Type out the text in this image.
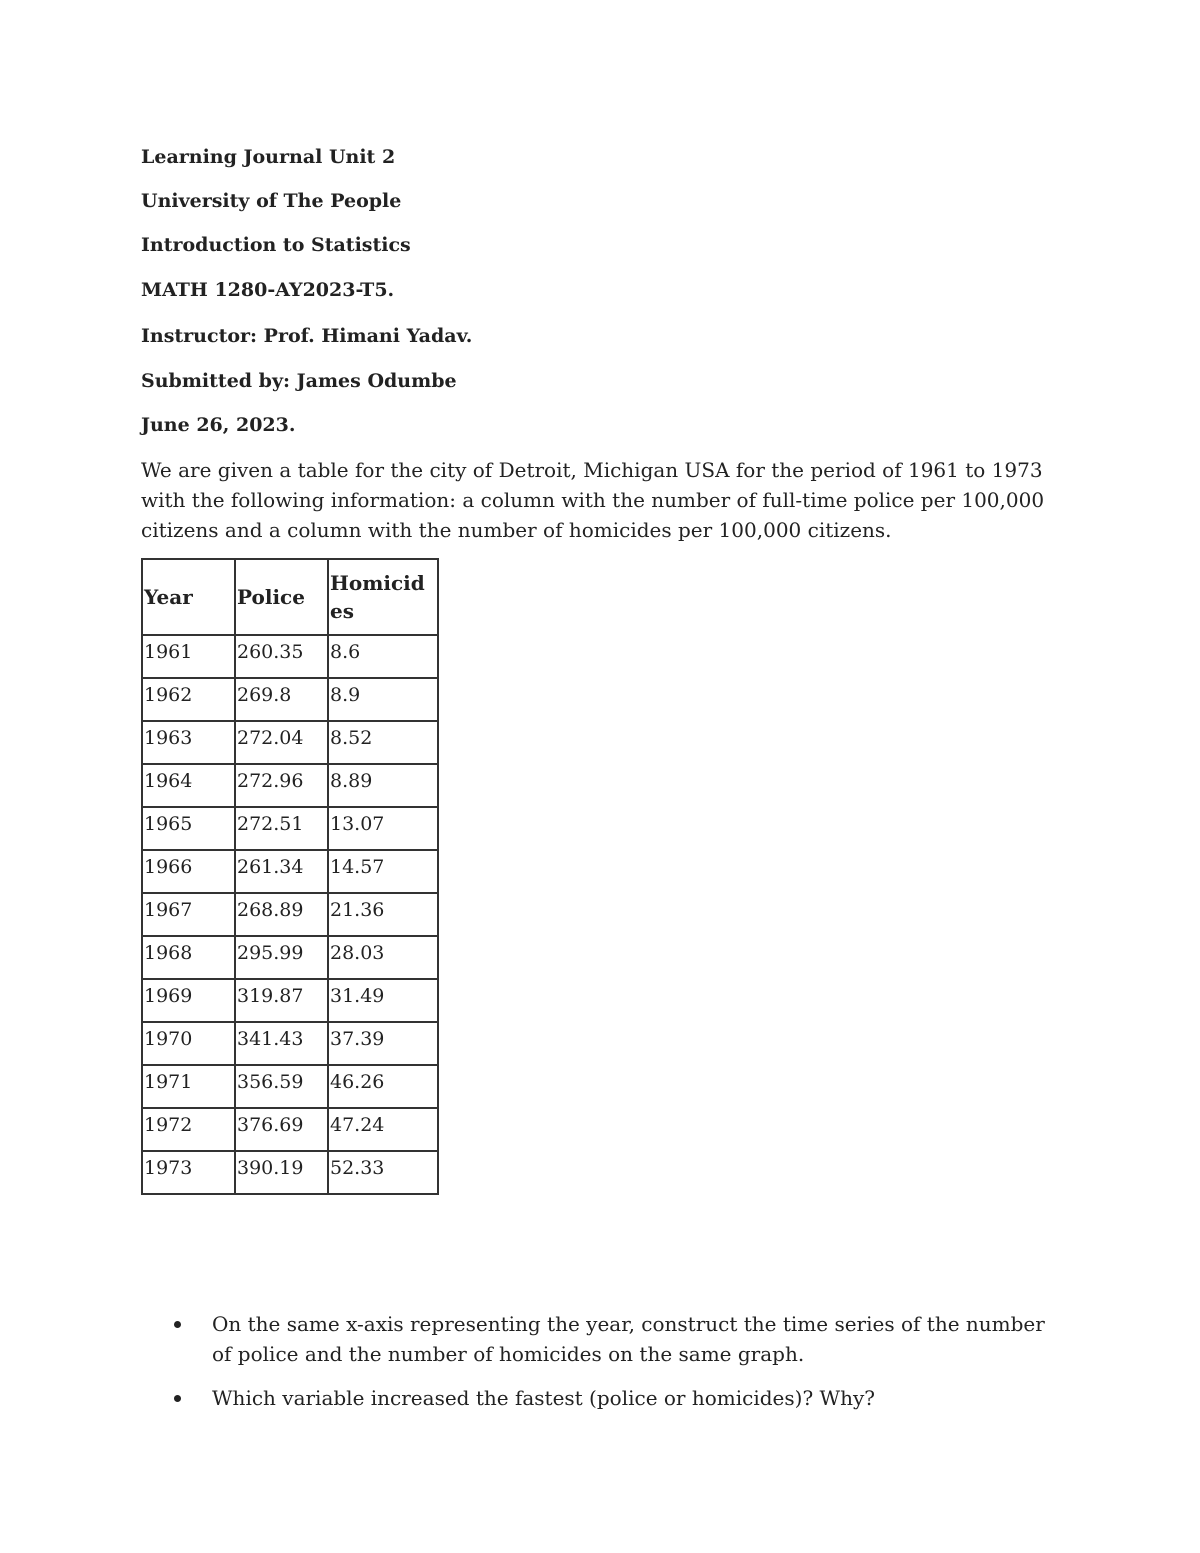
Learning Journal Unit 2

University of The People

Introduction to Statistics

MATH 1280-AY2023-T5.

Instructor: Prof. Himani Yadav.

Submitted by: James Odumbe

June 26, 2023.

We are given a table for the city of Detroit, Michigan USA for the period of 1961 to 1973 with the following information: a column with the number of full-time police per 100,000 citizens and a column with the number of homicides per 100,000 citizens.

Year	Police	Homicides
1961	260.35	8.6
1962	269.8	8.9
1963	272.04	8.52
1964	272.96	8.89
1965	272.51	13.07
1966	261.34	14.57
1967	268.89	21.36
1968	295.99	28.03
1969	319.87	31.49
1970	341.43	37.39
1971	356.59	46.26
1972	376.69	47.24
1973	390.19	52.33
On the same x-axis representing the year, construct the time series of the number of police and the number of homicides on the same graph.
Which variable increased the fastest (police or homicides)? Why?
